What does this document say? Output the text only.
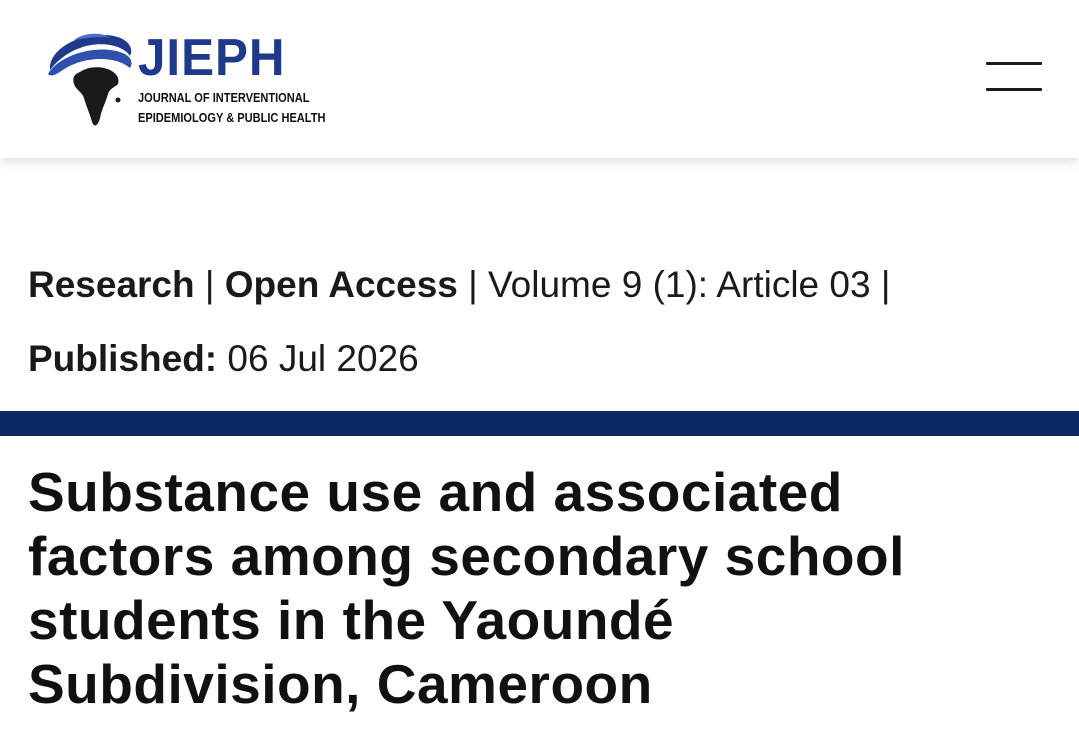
JIEPH
JOURNAL OF INTERVENTIONAL
EPIDEMIOLOGY & PUBLIC HEALTH
Research | Open Access | Volume 9 (1): Article 03 |
Published: 06 Jul 2026
Substance use and associated
factors among secondary school
students in the Yaoundé
Subdivision, Cameroon
